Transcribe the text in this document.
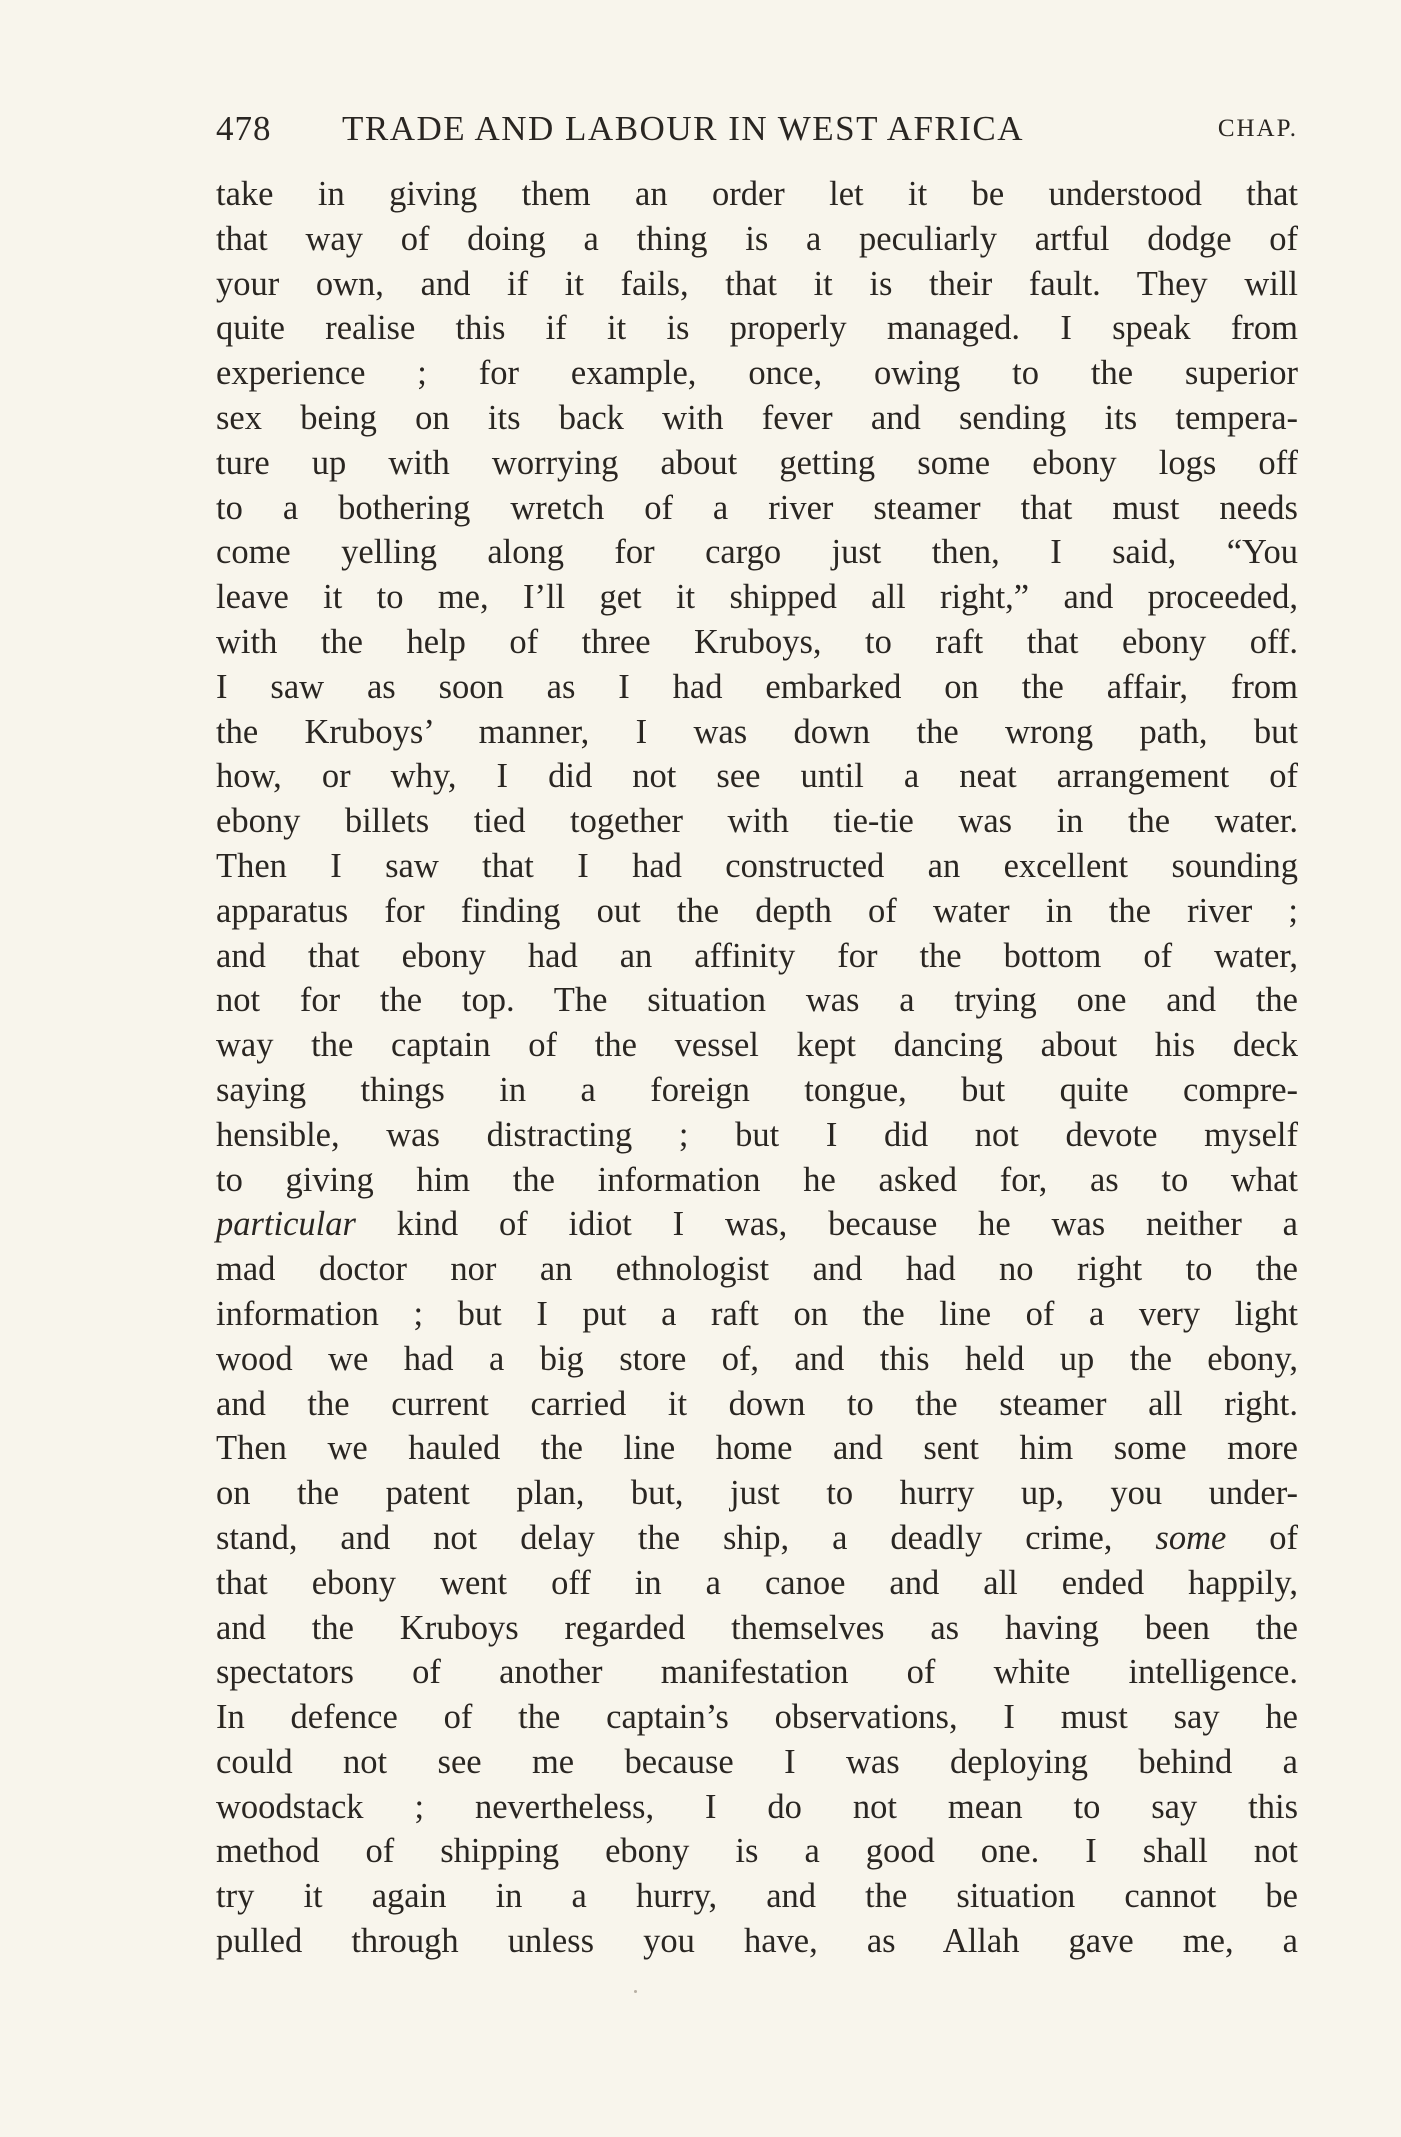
478 TRADE AND LABOUR IN WEST AFRICA	CHAP.
take in giving them an order let it be understood that
that way of doing a thing is a peculiarly artful dodge of
your own, and if it fails, that it is their fault. They will
quite realise this if it is properly managed. I speak from
experience ; for example, once, owing to the superior
sex being on its back with fever and sending its tempera-
ture up with worrying about getting some ebony logs off
to a bothering wretch of a river steamer that must needs
come yelling along for cargo just then, I said, “You
leave it to me, I’ll get it shipped all right,” and proceeded,
with the help of three Kruboys, to raft that ebony off.
I saw as soon as I had embarked on the affair, from
the Kruboys’ manner, I was down the wrong path, but
how, or why, I did not see until a neat arrangement of
ebony billets tied together with tie-tie was in the water.
Then I saw that I had constructed an excellent sounding
apparatus for finding out the depth of water in the river ;
and that ebony had an affinity for the bottom of water,
not for the top. The situation was a trying one and the
way the captain of the vessel kept dancing about his deck
saying things in a foreign tongue, but quite compre-
hensible, was distracting ; but I did not devote myself
to giving him the information he asked for, as to what
particular kind of idiot I was, because he was neither a
mad doctor nor an ethnologist and had no right to the
information ; but I put a raft on the line of a very light
wood we had a big store of, and this held up the ebony,
and the current carried it down to the steamer all right.
Then we hauled the line home and sent him some more
on the patent plan, but, just to hurry up, you under-
stand, and not delay the ship, a deadly crime, some of
that ebony went off in a canoe and all ended happily,
and the Kruboys regarded themselves as having been the
spectators of another manifestation of white intelligence.
In defence of the captain’s observations, I must say he
could not see me because I was deploying behind a
woodstack ; nevertheless, I do not mean to say this
method of shipping ebony is a good one. I shall not
try it again in a hurry, and the situation cannot be
pulled through unless you have, as Allah gave me, a
